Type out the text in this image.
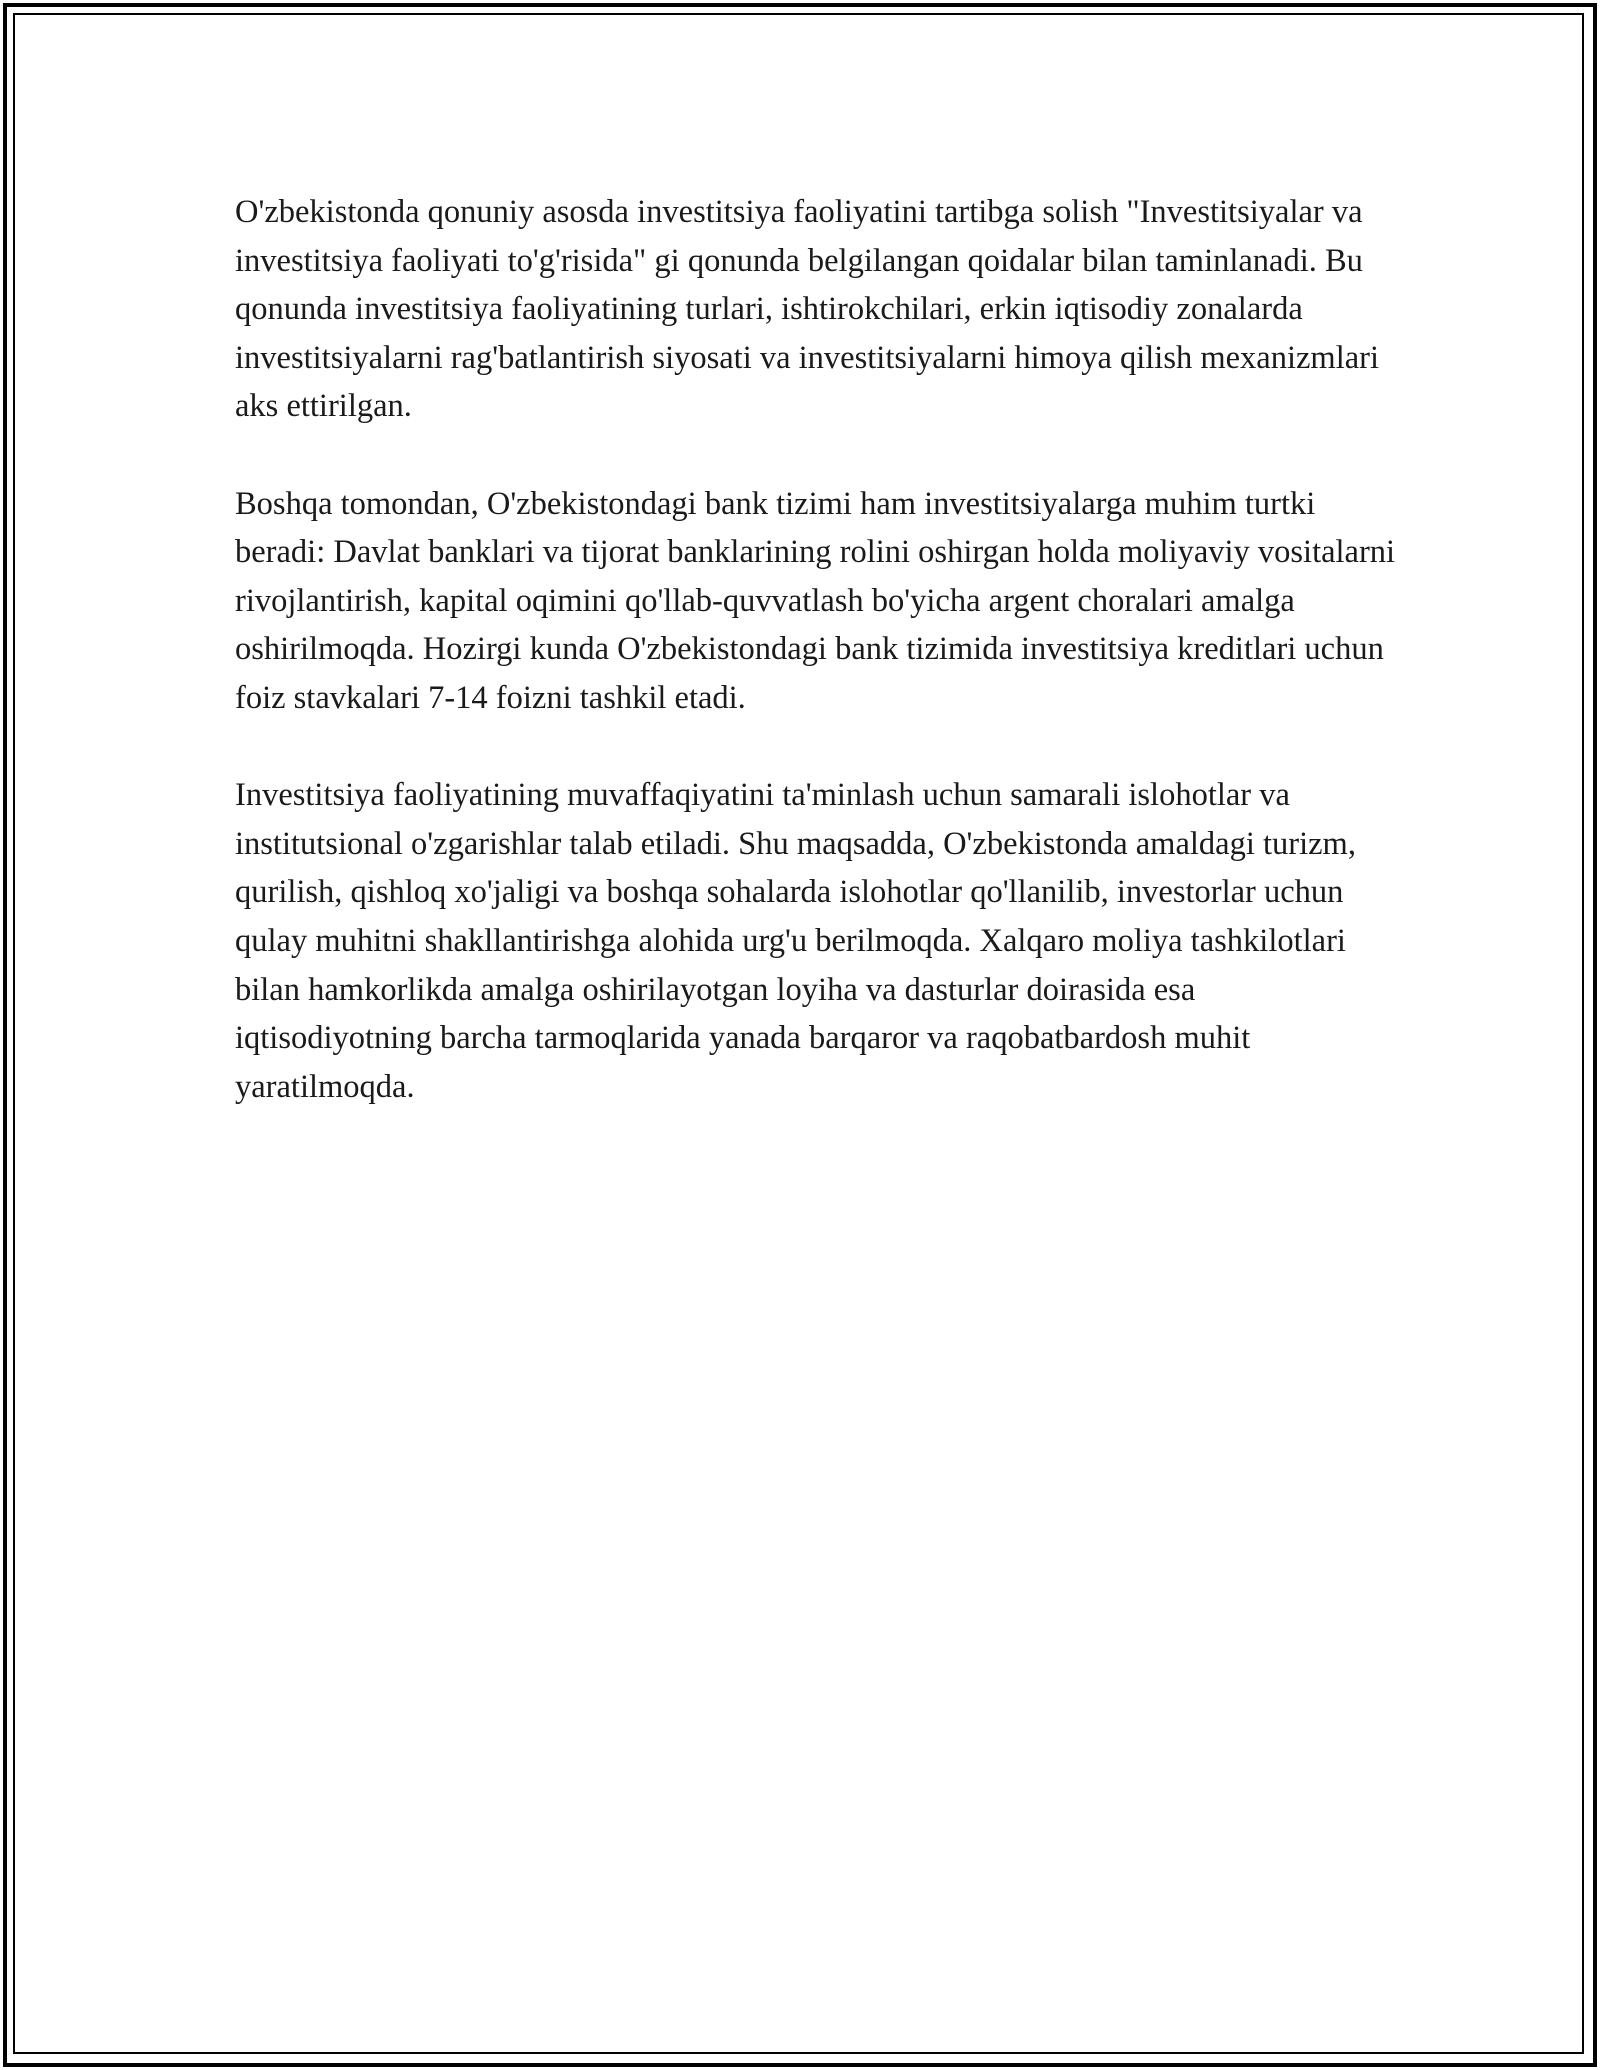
O'zbekistonda qonuniy asosda investitsiya faoliyatini tartibga solish "Investitsiyalar va investitsiya faoliyati to'g'risida" gi qonunda belgilangan qoidalar bilan taminlanadi. Bu qonunda investitsiya faoliyatining turlari, ishtirokchilari, erkin iqtisodiy zonalarda investitsiyalarni rag'batlantirish siyosati va investitsiyalarni himoya qilish mexanizmlari aks ettirilgan.

Boshqa tomondan, O'zbekistondagi bank tizimi ham investitsiyalarga muhim turtki beradi: Davlat banklari va tijorat banklarining rolini oshirgan holda moliyaviy vositalarni rivojlantirish, kapital oqimini qo'llab-quvvatlash bo'yicha argent choralari amalga oshirilmoqda. Hozirgi kunda O'zbekistondagi bank tizimida investitsiya kreditlari uchun foiz stavkalari 7-14 foizni tashkil etadi.

Investitsiya faoliyatining muvaffaqiyatini ta'minlash uchun samarali islohotlar va institutsional o'zgarishlar talab etiladi. Shu maqsadda, O'zbekistonda amaldagi turizm, qurilish, qishloq xo'jaligi va boshqa sohalarda islohotlar qo'llanilib, investorlar uchun qulay muhitni shakllantirishga alohida urg'u berilmoqda. Xalqaro moliya tashkilotlari bilan hamkorlikda amalga oshirilayotgan loyiha va dasturlar doirasida esa iqtisodiyotning barcha tarmoqlarida yanada barqaror va raqobatbardosh muhit yaratilmoqda.
